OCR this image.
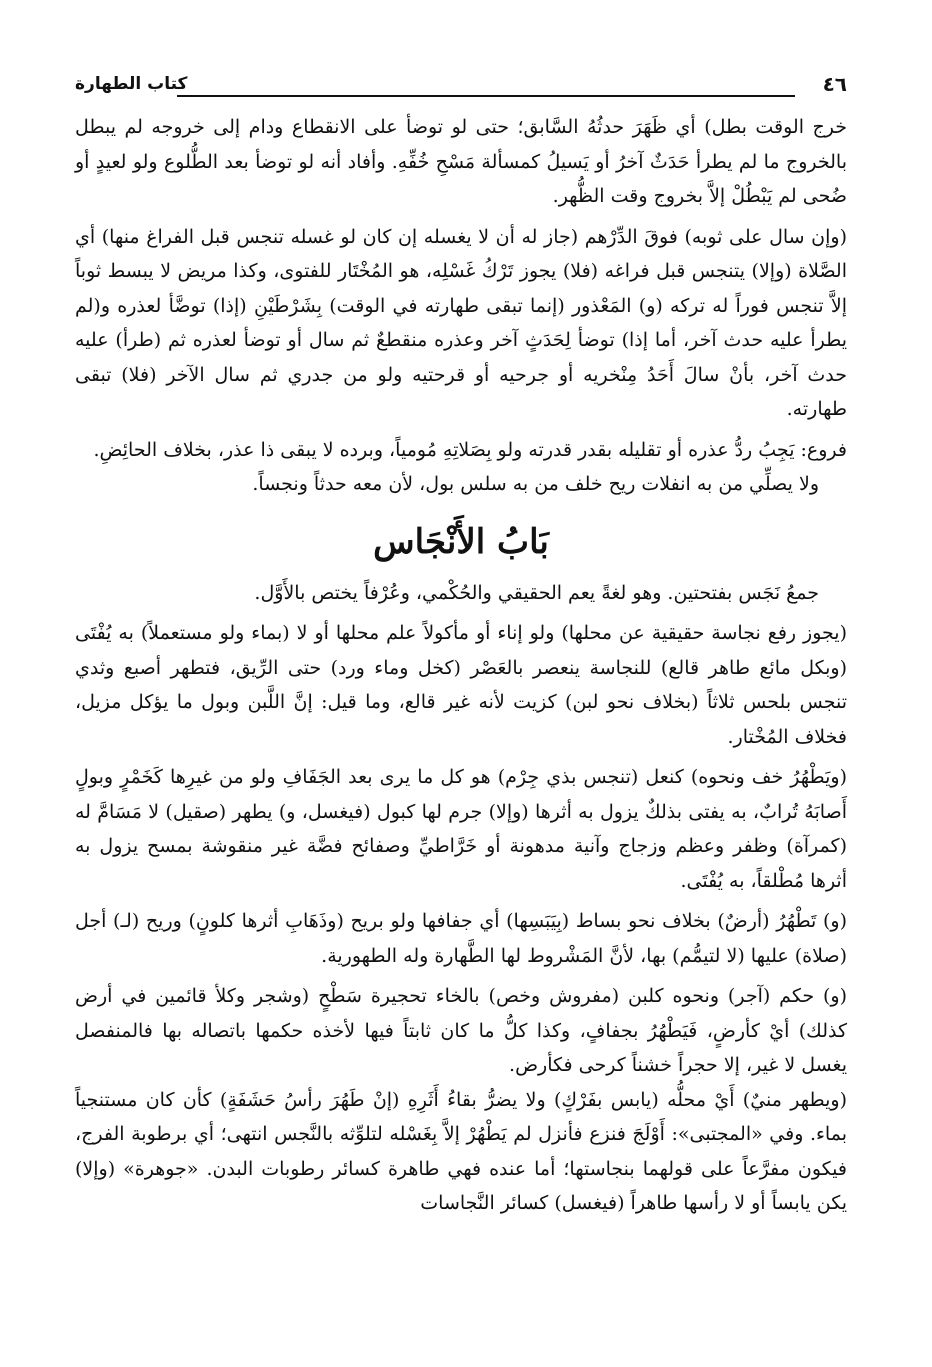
٤٦
كتاب الطهارة

خرج الوقت بطل) أي ظَهَرَ حدثُهُ السَّابق؛ حتى لو توضأ على الانقطاع ودام إلى خروجه لم يبطل بالخروج ما لم يطرأ حَدَثٌ آخرُ أو يَسيلُ كمسألة مَسْحِ خُفِّهِ. وأفاد أنه لو توضأ بعد الطُّلوع ولو لعيدٍ أو ضُحى لم يَبْطُلْ إلاَّ بخروج وقت الظُّهر.

(وإن سال على ثوبه) فوقَ الدِّرْهم (جاز له أن لا يغسله إن كان لو غسله تنجس قبل الفراغ منها) أي الصَّلاة (وإلا) يتنجس قبل فراغه (فلا) يجوز تَرْكُ غَسْلِه، هو المُخْتَار للفتوى، وكذا مريض لا يبسط ثوباً إلاَّ تنجس فوراً له تركه (و) المَعْذور (إنما تبقى طهارته في الوقت) بِشَرْطَيْنِ (إذا) توضَّأ لعذره و(لم يطرأ عليه حدث آخر، أما إذا) توضأ لِحَدَثٍ آخر وعذره منقطعٌ ثم سال أو توضأ لعذره ثم (طرأ) عليه حدث آخر، بأنْ سالَ أَحَدُ مِنْخريه أو جرحيه أو قرحتيه ولو من جدري ثم سال الآخر (فلا) تبقى طهارته.

فروع: يَجِبُ ردُّ عذره أو تقليله بقدر قدرته ولو بِصَلاتِهِ مُومياً، وبرده لا يبقى ذا عذر، بخلاف الحائِضِ.

ولا يصلِّي من به انفلات ريح خلف من به سلس بول، لأن معه حدثاً ونجساً.

بَابُ الأَنْجَاس

جمعُ نَجَس بفتحتين. وهو لغةً يعم الحقيقي والحُكْمي، وعُرْفاً يختص بالأَوَّل.

(يجوز رفع نجاسة حقيقية عن محلها) ولو إناء أو مأكولاً علم محلها أو لا (بماء ولو مستعملاً) به يُفْتَى (وبكل مائع طاهر قالع) للنجاسة ينعصر بالعَصْر (كخل وماء ورد) حتى الرِّيق، فتطهر أصبع وثدي تنجس بلحس ثلاثاً (بخلاف نحو لبن) كزيت لأنه غير قالع، وما قيل: إنَّ اللَّبن وبول ما يؤكل مزيل، فخلاف المُخْتار.

(ويَطْهُرُ خف ونحوه) كنعل (تنجس بذي جِرْم) هو كل ما يرى بعد الجَفَافِ ولو من غيرِها كَخَمْرٍ وبولٍ أَصابَهُ تُرابٌ، به يفتى بذلكٌ يزول به أثرها (وإلا) جرم لها كبول (فيغسل، و) يطهر (صقيل) لا مَسَامَّ له (كمرآة) وظفر وعظم وزجاج وآنية مدهونة أو خَرَّاطيِّ وصفائح فضَّة غير منقوشة بمسح يزول به أثرها مُطْلقاً، به يُفْتَى.

(و) تَطْهُرُ (أرضٌ) بخلاف نحو بساط (بِيَبَسِها) أي جفافها ولو بريح (وذَهَابِ أثرها كلونٍ) وريح (لـ) أجل (صلاة) عليها (لا لتيمُّم) بها، لأنَّ المَشْروط لها الطَّهارة وله الطهورية.

(و) حكم (آجر) ونحوه كلبن (مفروش وخص) بالخاء تحجيرة سَطْحٍ (وشجر وكلأ قائمين في أرض كذلك) أيْ كأرضٍ، فَيَطْهُرُ بجفافٍ، وكذا كلُّ ما كان ثابتاً فيها لأخذه حكمها باتصاله بها فالمنفصل يغسل لا غير، إلا حجراً خشناً كرحى فكأرض.

(ويطهر منيٌ) أَيْ محلُّه (يابس بفَرْكٍ) ولا يضرُّ بقاءُ أَثَرِهِ (إنْ طَهُرَ رأسُ حَشَفَةٍ) كأن كان مستنجياً بماء. وفي «المجتبى»: أَوْلَجَ فنزع فأنزل لم يَطْهُرْ إلاَّ بِغَسْله لتلوِّثه بالنَّجس انتهى؛ أي برطوبة الفرج، فيكون مفرَّعاً على قولهما بنجاستها؛ أما عنده فهي طاهرة كسائر رطوبات البدن. «جوهرة» (وإلا) يكن يابساً أو لا رأسها طاهراً (فيغسل) كسائر النَّجاسات
